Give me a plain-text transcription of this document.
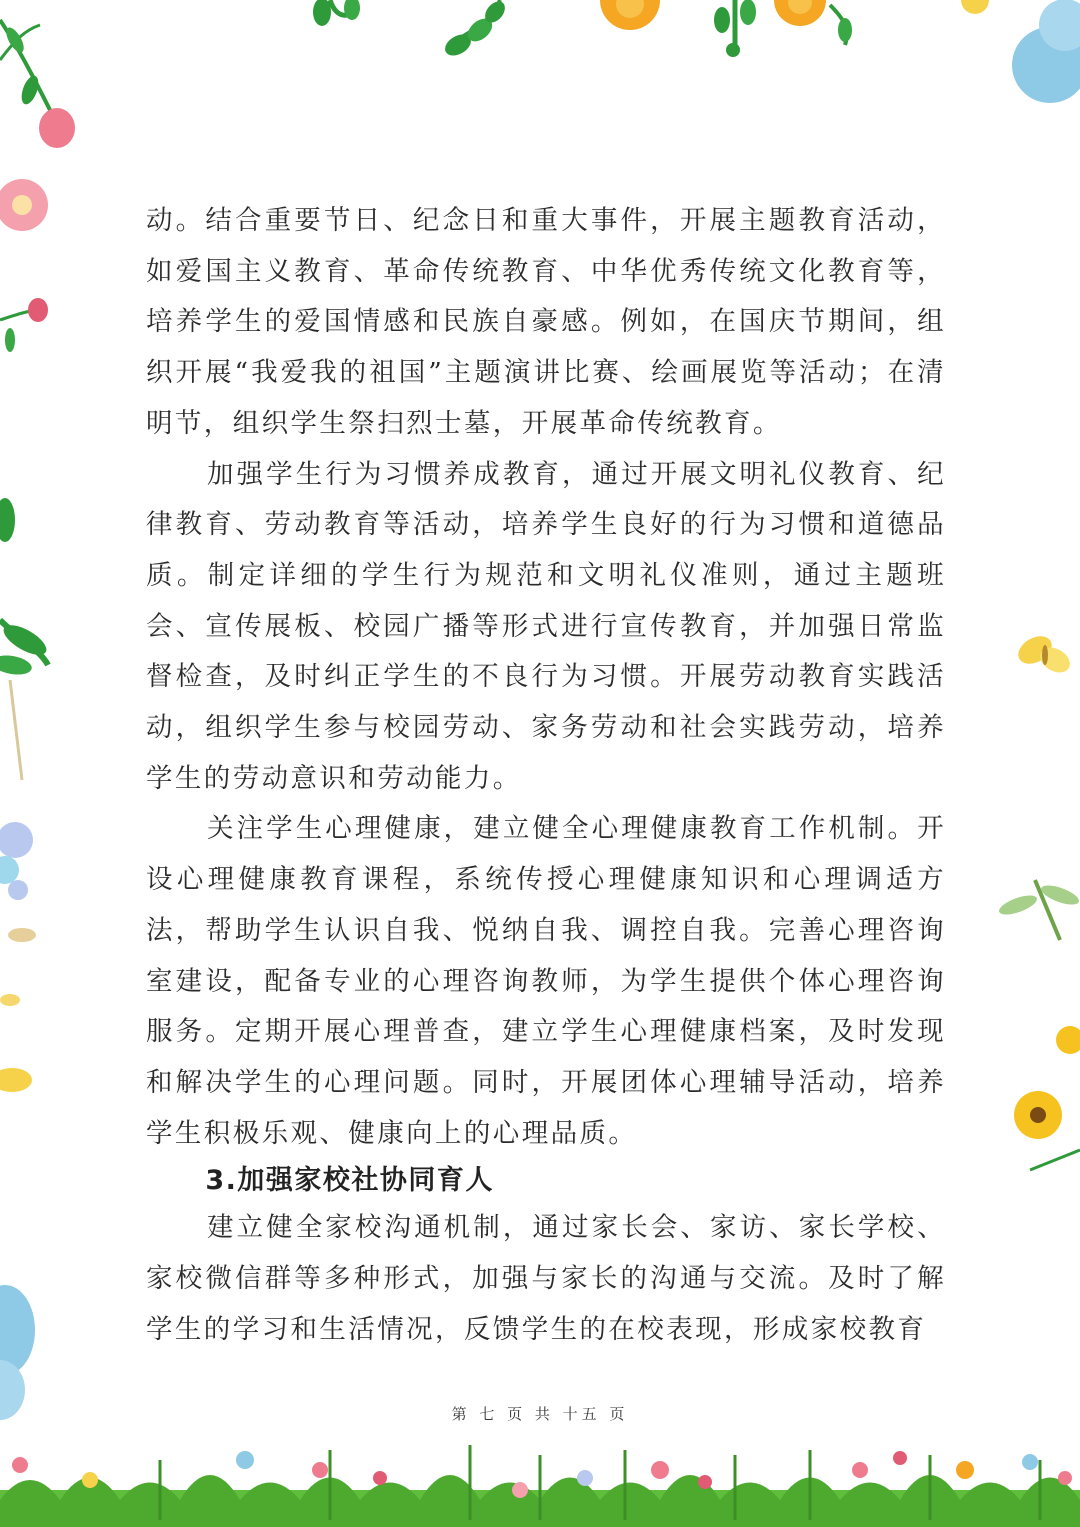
动。结合重要节日、纪念日和重大事件，开展主题教育活动，如爱国主义教育、革命传统教育、中华优秀传统文化教育等，培养学生的爱国情感和民族自豪感。例如，在国庆节期间，组织开展“我爱我的祖国”主题演讲比赛、绘画展览等活动；在清明节，组织学生祭扫烈士墓，开展革命传统教育。

加强学生行为习惯养成教育，通过开展文明礼仪教育、纪律教育、劳动教育等活动，培养学生良好的行为习惯和道德品质。制定详细的学生行为规范和文明礼仪准则，通过主题班会、宣传展板、校园广播等形式进行宣传教育，并加强日常监督检查，及时纠正学生的不良行为习惯。开展劳动教育实践活动，组织学生参与校园劳动、家务劳动和社会实践劳动，培养学生的劳动意识和劳动能力。

关注学生心理健康，建立健全心理健康教育工作机制。开设心理健康教育课程，系统传授心理健康知识和心理调适方法，帮助学生认识自我、悦纳自我、调控自我。完善心理咨询室建设，配备专业的心理咨询教师，为学生提供个体心理咨询服务。定期开展心理普查，建立学生心理健康档案，及时发现和解决学生的心理问题。同时，开展团体心理辅导活动，培养学生积极乐观、健康向上的心理品质。

3.加强家校社协同育人

建立健全家校沟通机制，通过家长会、家访、家长学校、家校微信群等多种形式，加强与家长的沟通与交流。及时了解学生的学习和生活情况，反馈学生的在校表现，形成家校教育

第 七 页 共 十五 页
